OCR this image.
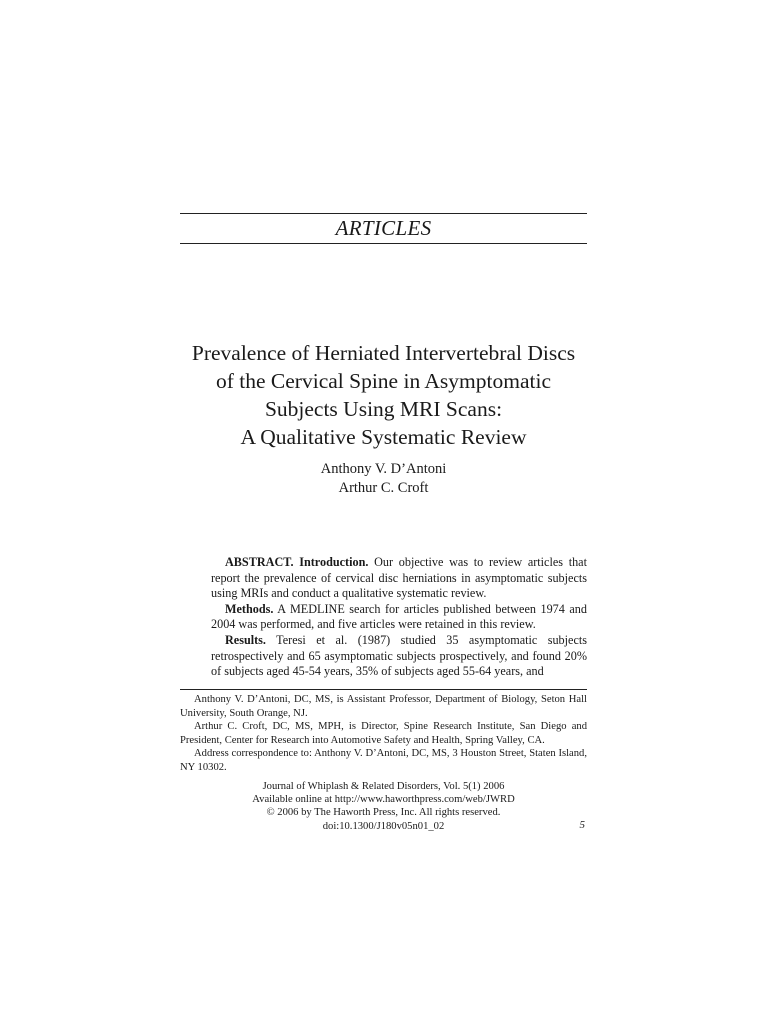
ARTICLES
Prevalence of Herniated Intervertebral Discs
of the Cervical Spine in Asymptomatic
Subjects Using MRI Scans:
A Qualitative Systematic Review
Anthony V. D’Antoni
Arthur C. Croft

ABSTRACT. Introduction. Our objective was to review articles that report the prevalence of cervical disc herniations in asymptomatic subjects using MRIs and conduct a qualitative systematic review.

Methods. A MEDLINE search for articles published between 1974 and 2004 was performed, and five articles were retained in this review.

Results. Teresi et al. (1987) studied 35 asymptomatic subjects retrospectively and 65 asymptomatic subjects prospectively, and found 20% of subjects aged 45-54 years, 35% of subjects aged 55-64 years, and

Anthony V. D’Antoni, DC, MS, is Assistant Professor, Department of Biology, Seton Hall University, South Orange, NJ.

Arthur C. Croft, DC, MS, MPH, is Director, Spine Research Institute, San Diego and President, Center for Research into Automotive Safety and Health, Spring Valley, CA.

Address correspondence to: Anthony V. D’Antoni, DC, MS, 3 Houston Street, Staten Island, NY 10302.

Journal of Whiplash & Related Disorders, Vol. 5(1) 2006
Available online at http://www.haworthpress.com/web/JWRD
© 2006 by The Haworth Press, Inc. All rights reserved.
doi:10.1300/J180v05n01_02	5
